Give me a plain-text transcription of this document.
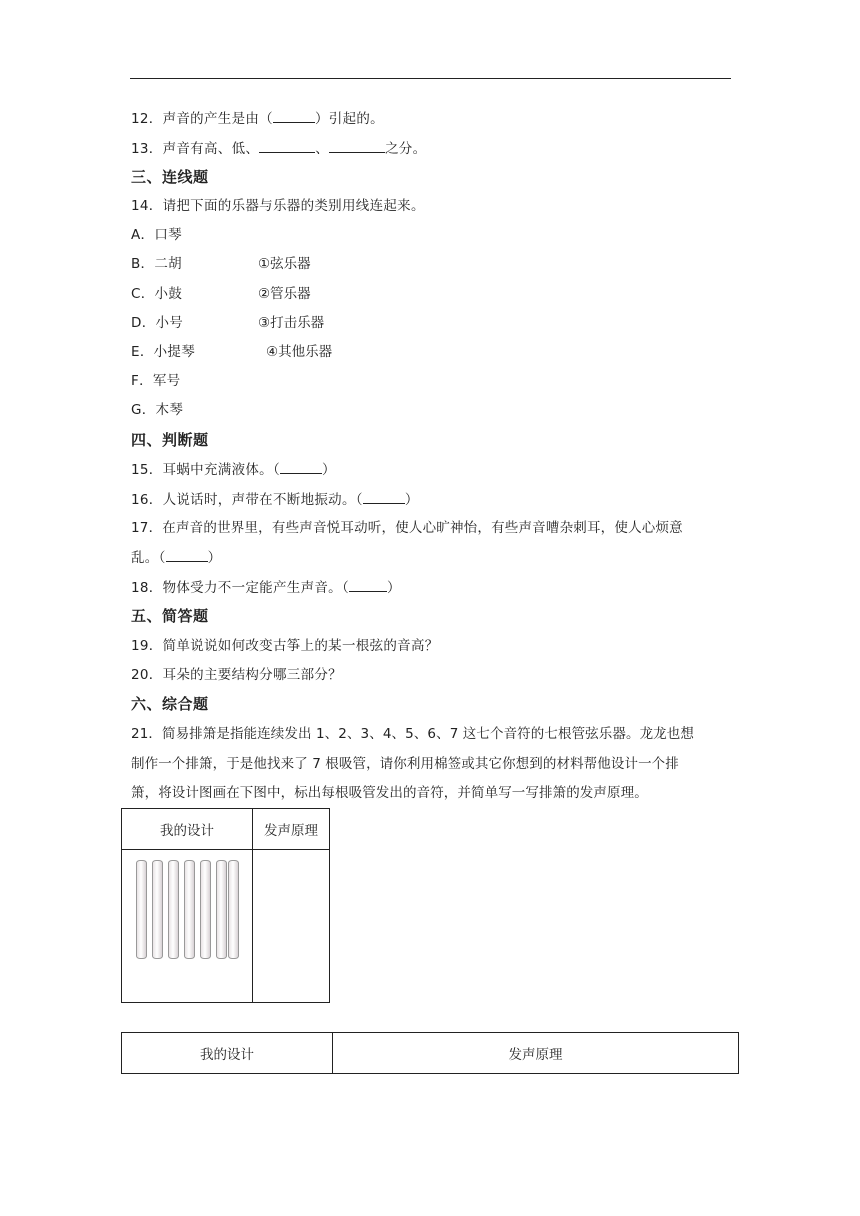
12．声音的产生是由（	）引起的。
13．声音有高、低、	、	之分。
三、连线题
14．请把下面的乐器与乐器的类别用线连起来。
A．口琴
B．二胡
C．小鼓
D．小号
E．小提琴
F．军号
G．木琴
①弦乐器
②管乐器
③打击乐器
④其他乐器
四、判断题
15．耳蜗中充满液体。（	）
16．人说话时，声带在不断地振动。（	）
17．在声音的世界里，有些声音悦耳动听，使人心旷神怡，有些声音嘈杂刺耳，使人心烦意
乱。（	）
18．物体受力不一定能产生声音。（	）
五、简答题
19．简单说说如何改变古筝上的某一根弦的音高？
20．耳朵的主要结构分哪三部分？
六、综合题
21．简易排箫是指能连续发出 1、2、3、4、5、6、7 这七个音符的七根管弦乐器。龙龙也想
制作一个排箫，于是他找来了 7 根吸管，请你利用棉签或其它你想到的材料帮他设计一个排
箫，将设计图画在下图中，标出每根吸管发出的音符，并简单写一写排箫的发声原理。
我的设计	发声原理

我的设计	发声原理
